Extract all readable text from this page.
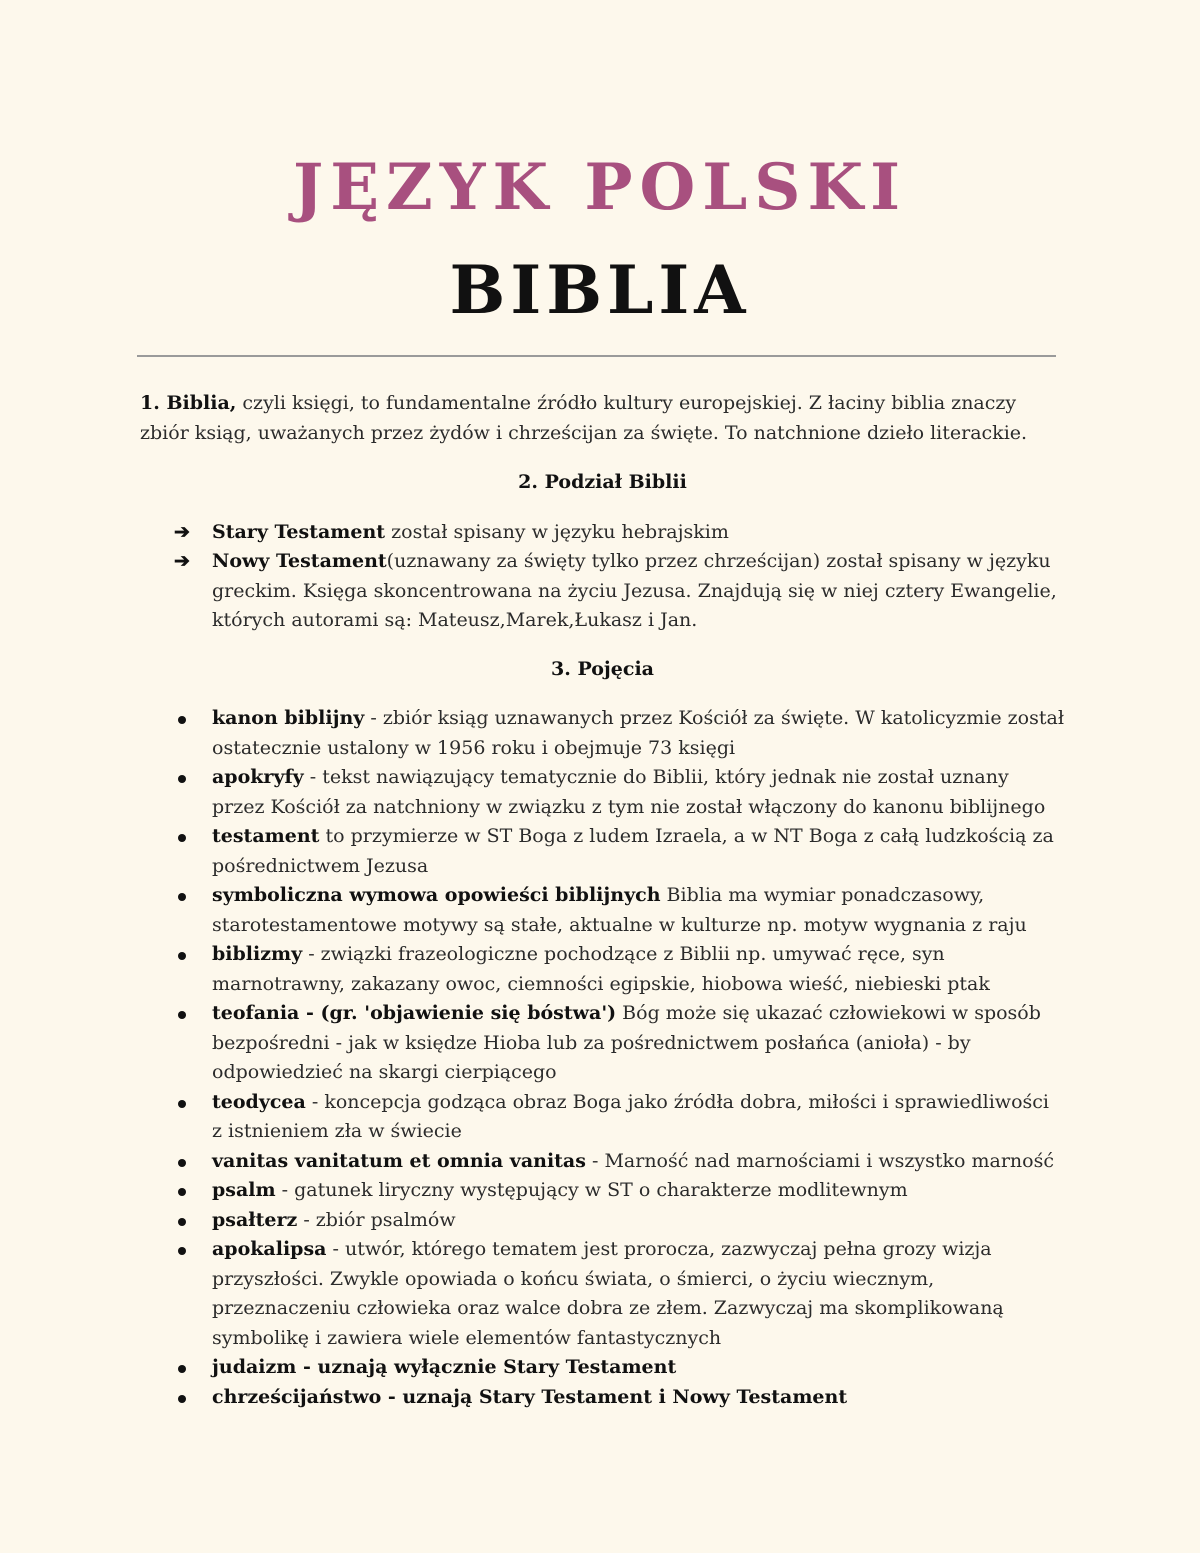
JĘZYK POLSKI
BIBLIA

1. Biblia, czyli księgi, to fundamentalne źródło kultury europejskiej. Z łaciny biblia znaczy zbiór ksiąg, uważanych przez żydów i chrześcijan za święte. To natchnione dzieło literackie.

2. Podział Biblii

➔ Stary Testament został spisany w języku hebrajskim
➔ Nowy Testament(uznawany za święty tylko przez chrześcijan) został spisany w języku greckim. Księga skoncentrowana na życiu Jezusa. Znajdują się w niej cztery Ewangelie, których autorami są: Mateusz,Marek,Łukasz i Jan.

3. Pojęcia

kanon biblijny - zbiór ksiąg uznawanych przez Kościół za święte. W katolicyzmie został ostatecznie ustalony w 1956 roku i obejmuje 73 księgi
apokryfy - tekst nawiązujący tematycznie do Biblii, który jednak nie został uznany przez Kościół za natchniony w związku z tym nie został włączony do kanonu biblijnego
testament to przymierze w ST Boga z ludem Izraela, a w NT Boga z całą ludzkością za pośrednictwem Jezusa
symboliczna wymowa opowieści biblijnych Biblia ma wymiar ponadczasowy, starotestamentowe motywy są stałe, aktualne w kulturze np. motyw wygnania z raju
biblizmy - związki frazeologiczne pochodzące z Biblii np. umywać ręce, syn marnotrawny, zakazany owoc, ciemności egipskie, hiobowa wieść, niebieski ptak
teofania - (gr. 'objawienie się bóstwa') Bóg może się ukazać człowiekowi w sposób bezpośredni - jak w księdze Hioba lub za pośrednictwem posłańca (anioła) - by odpowiedzieć na skargi cierpiącego
teodycea - koncepcja godząca obraz Boga jako źródła dobra, miłości i sprawiedliwości z istnieniem zła w świecie
vanitas vanitatum et omnia vanitas - Marność nad marnościami i wszystko marność
psalm - gatunek liryczny występujący w ST o charakterze modlitewnym
psałterz - zbiór psalmów
apokalipsa - utwór, którego tematem jest prorocza, zazwyczaj pełna grozy wizja przyszłości. Zwykle opowiada o końcu świata, o śmierci, o życiu wiecznym, przeznaczeniu człowieka oraz walce dobra ze złem. Zazwyczaj ma skomplikowaną symbolikę i zawiera wiele elementów fantastycznych
judaizm - uznają wyłącznie Stary Testament
chrześcijaństwo - uznają Stary Testament i Nowy Testament
